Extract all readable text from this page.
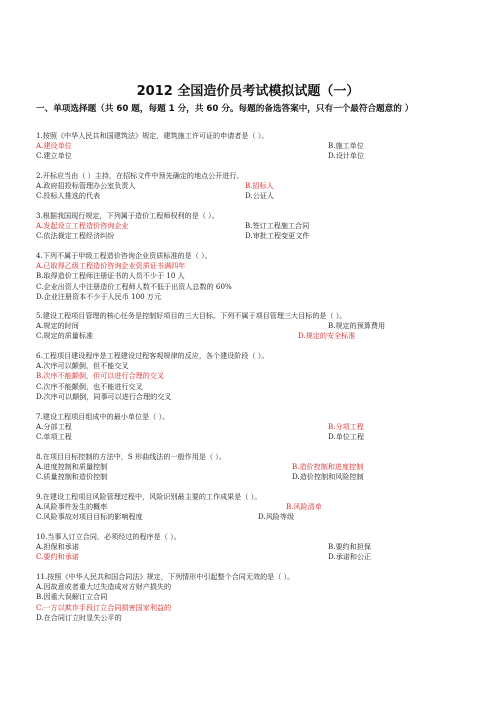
2012 全国造价员考试模拟试题（一）
一、单项选择题（共 60 题，每题 1 分，共 60 分。每题的备选答案中，只有一个最符合题意的 ）
1.按照《中华人民共和国建筑法》规定，建筑施工许可证的申请者是（ ）。
A.建设单位	B.施工单位
C.建立单位	D.设计单位
2.开标应当由（ ）主持，在招标文件中预先确定的地点公开进行。
A.政府招投标管理办公室负责人	B.招标人
C.投标人推选的代表	D.公证人
3.根据我国现行规定，下列属于造价工程师权利的是（ ）。
A.发起设立工程造价咨询企业	B.签订工程施工合同
C.依法裁定工程经济纠纷	D.审批工程变更文件
4.下列不属于甲级工程造价咨询企业资质标准的是（ ）。
A.已取得乙级工程造价咨询企业资质证书满四年
B.取得造价工程师注册证书的人员不少于 10 人
C.企业出资人中注册造价工程师人数不低于出资人总数的 60%
D.企业注册资本不少于人民币 100 万元
5.建设工程项目管理的核心任务是控制好项目的三大目标。下列不属于项目管理三大目标的是（ ）。
A.规定的时间	B.规定的预算费用
C.规定的质量标准	D.规定的安全标准
6.工程项目建设程序是工程建设过程客观规律的反应，各个建设阶段（ ）。
A.次序可以颠倒，但不能交叉
B.次序不能颠倒，但可以进行合理的交叉
C.次序不能颠倒，也不能进行交叉
D.次序可以颠倒，同事可以进行合理的交叉
7.建设工程项目组成中的最小单位是（ ）。
A.分部工程	B.分项工程
C.单项工程	D.单位工程
8.在项目目标控制的方法中，S 形曲线法的一般作用是（ ）。
A.进度控制和质量控制	B.造价控制和进度控制
C.质量控制和造价控制	D.造价控制和风险控制
9.在建设工程项目风险管理过程中，风险识别最主要的工作成果是（ ）。
A.风险事件发生的概率	B.风险清单
C.风险事故对项目目标的影响程度	D.风险等级
10.当事人订立合同，必须经过的程序是（ ）。
A.担保和承诺	B.要约和担保
C.要约和承诺	D.承诺和公正
11.按照《中华人民共和国合同法》规定，下列情形中引起整个合同无效的是（ ）。
A.因故意或者重大过失造成对方财产损失的
B.因重大误解订立合同
C.一方以欺诈手段订立合同损害国家利益的
D.在合同订立时显失公平的
